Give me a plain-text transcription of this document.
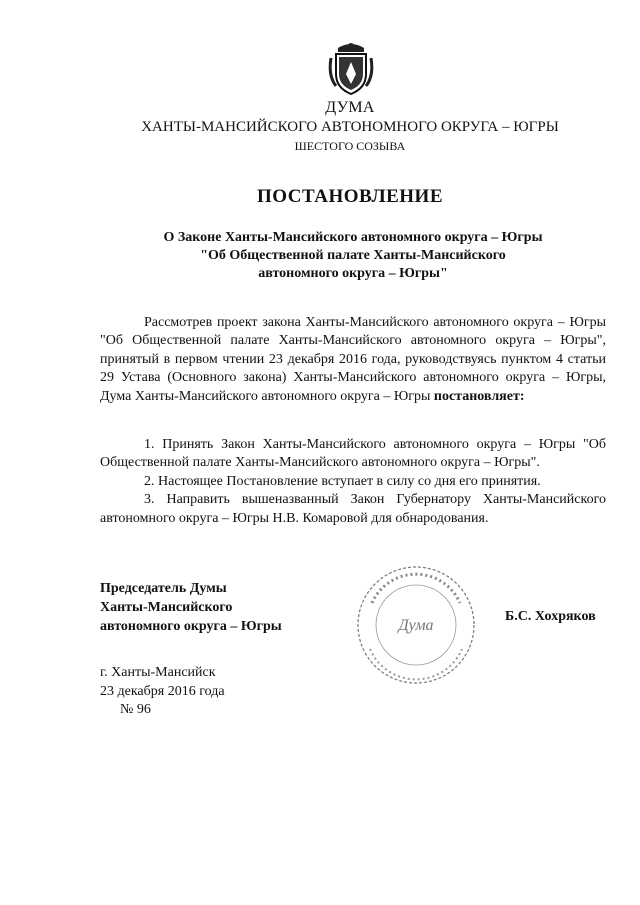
ДУМА
ХАНТЫ-МАНСИЙСКОГО АВТОНОМНОГО ОКРУГА – ЮГРЫ
ШЕСТОГО СОЗЫВА
ПОСТАНОВЛЕНИЕ
О Законе Ханты-Мансийского автономного округа – Югры
"Об Общественной палате Ханты-Мансийского
автономного округа – Югры"
Рассмотрев проект закона Ханты-Мансийского автономного округа – Югры "Об Общественной палате Ханты-Мансийского автономного округа – Югры", принятый в первом чтении 23 декабря 2016 года, руководствуясь пунктом 4 статьи 29 Устава (Основного закона) Ханты-Мансийского автономного округа – Югры, Дума Ханты-Мансийского автономного округа – Югры постановляет:

1. Принять Закон Ханты-Мансийского автономного округа – Югры "Об Общественной палате Ханты-Мансийского автономного округа – Югры".

2. Настоящее Постановление вступает в силу со дня его принятия.

3. Направить вышеназванный Закон Губернатору Ханты-Мансийского автономного округа – Югры Н.В. Комаровой для обнародования.

Председатель Думы
Ханты-Мансийского
автономного округа – Югры	Дума
Б.С. Хохряков
г. Ханты-Мансийск
23 декабря 2016 года
№ 96
